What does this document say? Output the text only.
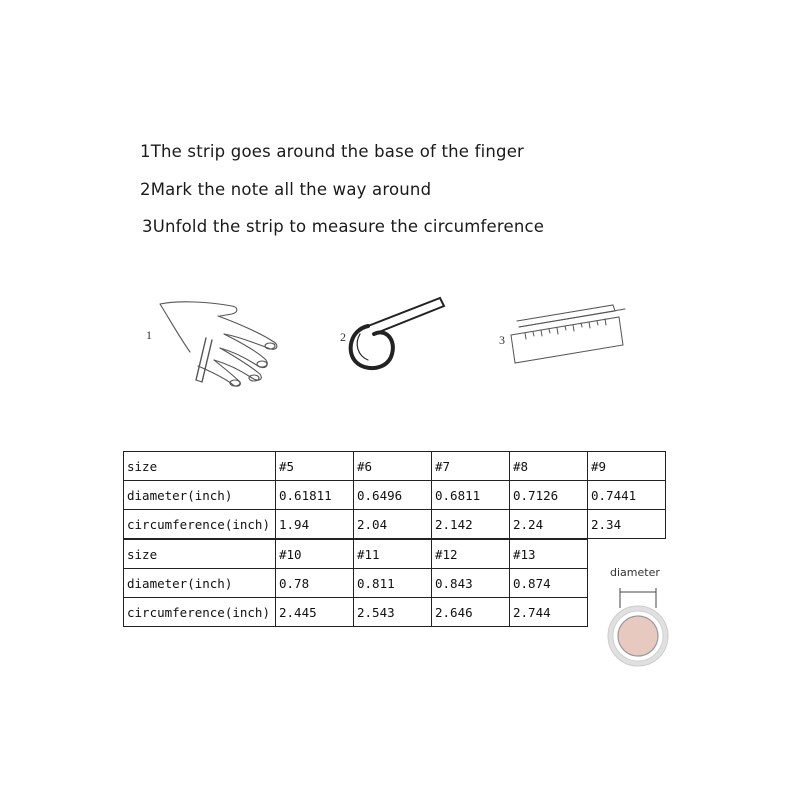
1The strip goes around the base of the finger
2Mark the note all the way around
3Unfold the strip to measure the circumference
1	2	3
size	#5	#6	#7	#8	#9
diameter(inch)	0.61811	0.6496	0.6811	0.7126	0.7441
circumference(inch)	1.94	2.04	2.142	2.24	2.34
size	#10	#11	#12	#13
diameter(inch)	0.78	0.811	0.843	0.874
circumference(inch)	2.445	2.543	2.646	2.744
diameter
